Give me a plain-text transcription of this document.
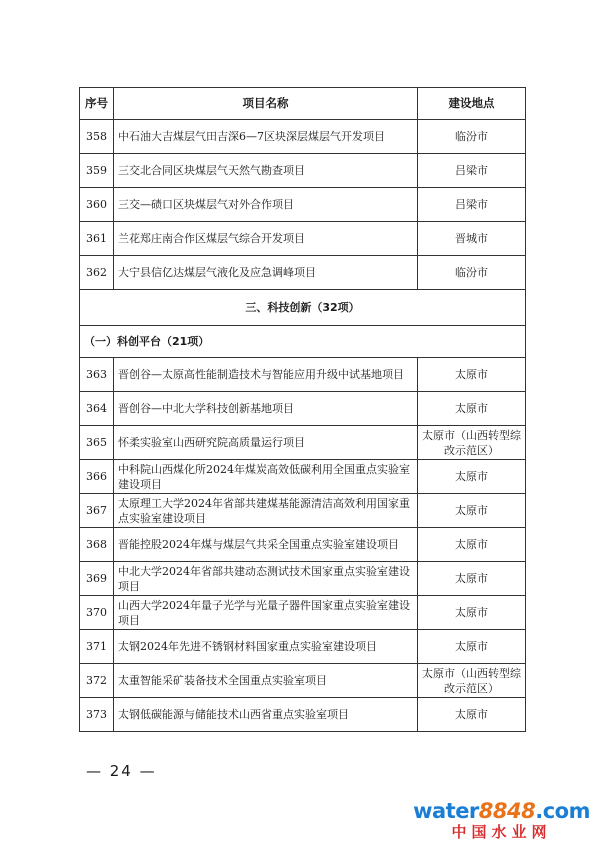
序号	项目名称	建设地点
358	中石油大吉煤层气田吉深6—7区块深层煤层气开发项目	临汾市
359	三交北合同区块煤层气天然气勘查项目	吕梁市
360	三交—碛口区块煤层气对外合作项目	吕梁市
361	兰花郑庄南合作区煤层气综合开发项目	晋城市
362	大宁县信亿达煤层气液化及应急调峰项目	临汾市
三、科技创新（32项）		
（一）科创平台（21项）		
363	晋创谷—太原高性能制造技术与智能应用升级中试基地项目	太原市
364	晋创谷—中北大学科技创新基地项目	太原市
365	怀柔实验室山西研究院高质量运行项目	太原市（山西转型综改示范区）
366	中科院山西煤化所2024年煤炭高效低碳利用全国重点实验室建设项目	太原市
367	太原理工大学2024年省部共建煤基能源清洁高效利用国家重点实验室建设项目	太原市
368	晋能控股2024年煤与煤层气共采全国重点实验室建设项目	太原市
369	中北大学2024年省部共建动态测试技术国家重点实验室建设项目	太原市
370	山西大学2024年量子光学与光量子器件国家重点实验室建设项目	太原市
371	太钢2024年先进不锈钢材料国家重点实验室建设项目	太原市
372	太重智能采矿装备技术全国重点实验室项目	太原市（山西转型综改示范区）
373	太钢低碳能源与储能技术山西省重点实验室项目	太原市
— 24 —
water8848.com
中国水业网
